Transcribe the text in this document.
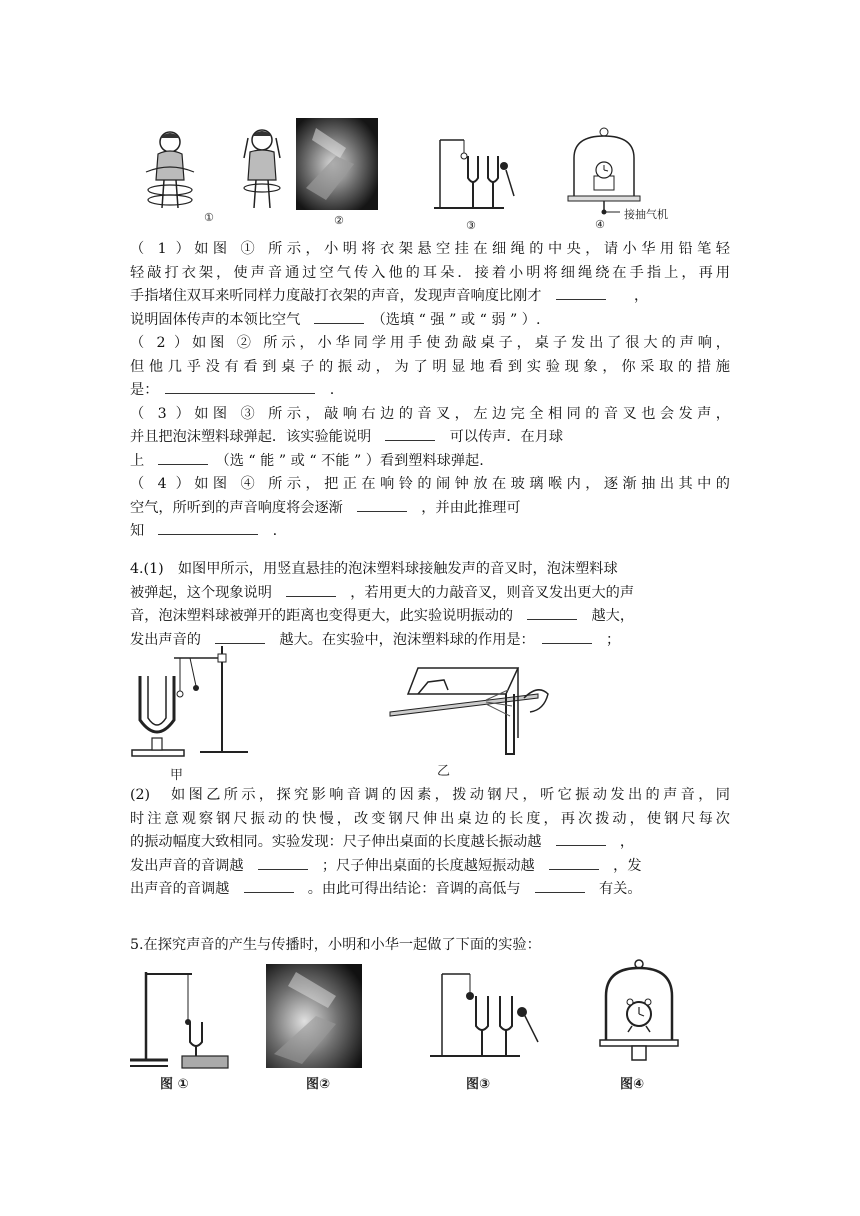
①	②	③	④
接抽气机
（ 1 ）如图 ① 所示，小明将衣架悬空挂在细绳的中央，请小华用铅笔轻
轻敲打衣架，使声音通过空气传入他的耳朵．接着小明将细绳绕在手指上，再用
手指堵住双耳来听同样力度敲打衣架的声音，发现声音响度比刚才　　　	，
说明固体传声的本领比空气　　	（选填 “ 强 ” 或 “ 弱 ” ）.
（ 2 ）如图 ② 所示，小华同学用手使劲敲桌子，桌子发出了很大的声响，
但他几乎没有看到桌子的振动，为了明显地看到实验现象，你采取的措施
是：　　	.
（ 3 ）如图 ③ 所示，敲响右边的音叉，左边完全相同的音叉也会发声，
并且把泡沫塑料球弹起．该实验能说明　　	可以传声．在月球
上　　	（选 “ 能 ” 或 “ 不能 ” ）看到塑料球弹起.
（ 4 ）如图 ④ 所示，把正在响铃的闹钟放在玻璃喉内，逐渐抽出其中的
空气，所听到的声音响度将会逐渐　　	，并由此推理可
知　　	.
4.(1)　如图甲所示，用竖直悬挂的泡沫塑料球接触发声的音叉时，泡沫塑料球
被弹起，这个现象说明　　	，若用更大的力敲音叉，则音叉发出更大的声
音，泡沫塑料球被弹开的距离也变得更大，此实验说明振动的　　	越大，
发出声音的　　	越大。在实验中，泡沫塑料球的作用是：　　	；
甲	乙
(2)　如图乙所示，探究影响音调的因素，拨动钢尺，听它振动发出的声音，同
时注意观察钢尺振动的快慢，改变钢尺伸出桌边的长度，再次拨动，使钢尺每次
的振动幅度大致相同。实验发现：尺子伸出桌面的长度越长振动越　　	，
发出声音的音调越　　	；尺子伸出桌面的长度越短振动越　　	，发
出声音的音调越　　	。由此可得出结论：音调的高低与　　	有关。
5.在探究声音的产生与传播时，小明和小华一起做了下面的实验：
图 ①	图②	图③	图④
